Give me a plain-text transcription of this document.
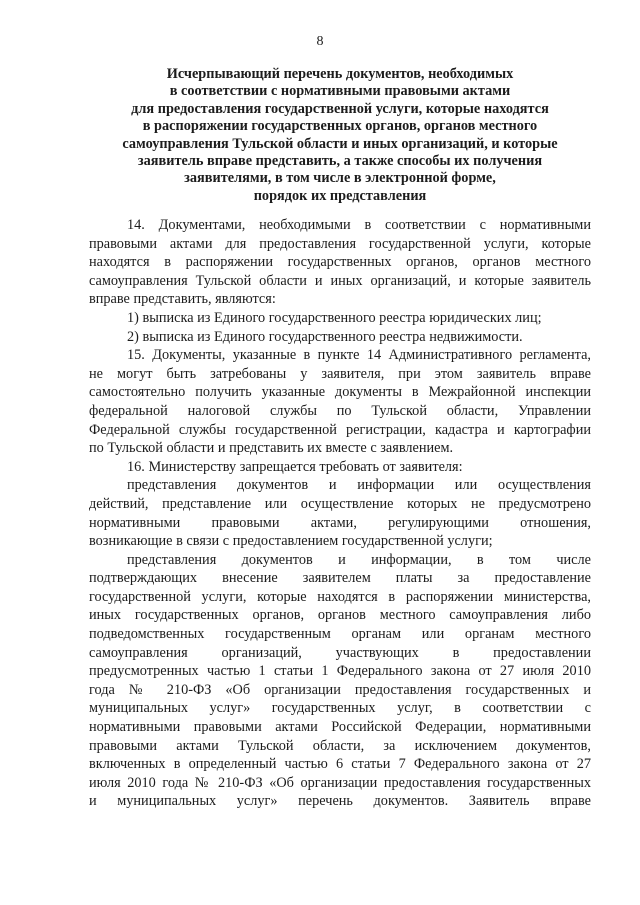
8
Исчерпывающий перечень документов, необходимых
в соответствии с нормативными правовыми актами
для предоставления государственной услуги, которые находятся
в распоряжении государственных органов, органов местного
самоуправления Тульской области и иных организаций, и которые
заявитель вправе представить, а также способы их получения
заявителями, в том числе в электронной форме,
порядок их представления
14. Документами, необходимыми в соответствии с нормативными
правовыми актами для предоставления государственной услуги, которые
находятся в распоряжении государственных органов, органов местного
самоуправления Тульской области и иных организаций, и которые заявитель
вправе представить, являются:
1) выписка из Единого государственного реестра юридических лиц;
2) выписка из Единого государственного реестра недвижимости.
15. Документы, указанные в пункте 14 Административного регламента,
не могут быть затребованы у заявителя, при этом заявитель вправе
самостоятельно получить указанные документы в Межрайонной инспекции
федеральной налоговой службы по Тульской области, Управлении
Федеральной службы государственной регистрации, кадастра и картографии
по Тульской области и представить их вместе с заявлением.
16. Министерству запрещается требовать от заявителя:
представления документов и информации или осуществления
действий, представление или осуществление которых не предусмотрено
нормативными правовыми актами, регулирующими отношения,
возникающие в связи с предоставлением государственной услуги;
представления документов и информации, в том числе
подтверждающих внесение заявителем платы за предоставление
государственной услуги, которые находятся в распоряжении министерства,
иных государственных органов, органов местного самоуправления либо
подведомственных государственным органам или органам местного
самоуправления организаций, участвующих в предоставлении
предусмотренных частью 1 статьи 1 Федерального закона от 27 июля 2010
года № 210-ФЗ «Об организации предоставления государственных и
муниципальных услуг» государственных услуг, в соответствии с
нормативными правовыми актами Российской Федерации, нормативными
правовыми актами Тульской области, за исключением документов,
включенных в определенный частью 6 статьи 7 Федерального закона от 27
июля 2010 года № 210-ФЗ «Об организации предоставления государственных
и муниципальных услуг» перечень документов. Заявитель вправе
